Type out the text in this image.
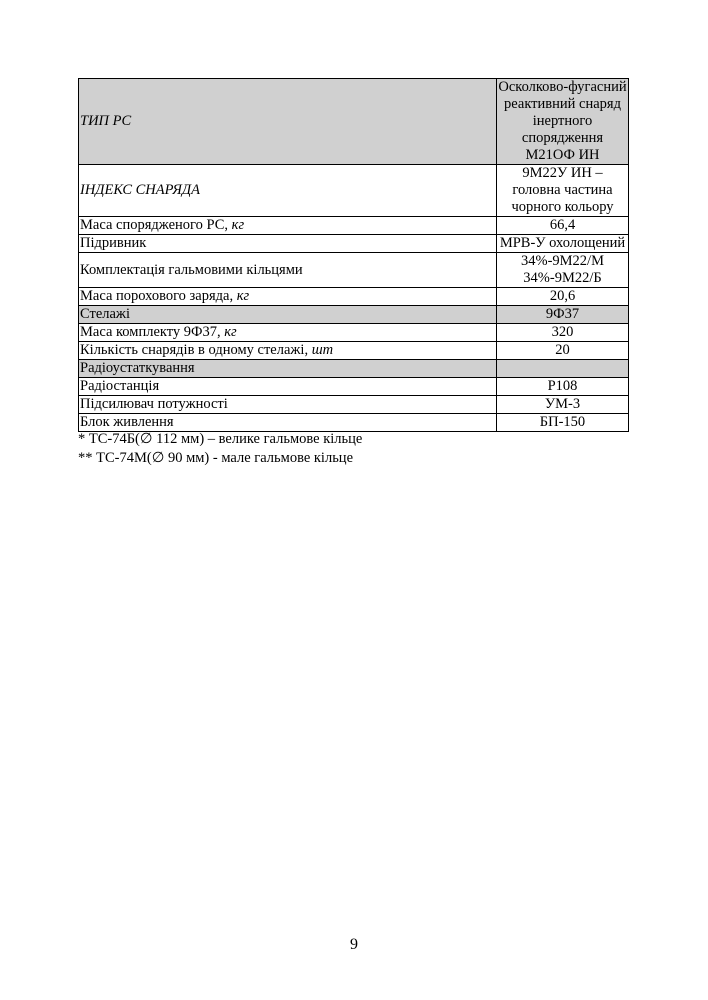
ТИП РС	Осколково-фугасний реактивний снаряд інертного спорядження М21ОФ ИН
ІНДЕКС СНАРЯДА	9М22У ИН – головна частина чорного кольору
Маса спорядженого РС, кг	66,4
Підривник	МРВ-У охолощений
Комплектація гальмовими кільцями	34%-9М22/М
34%-9М22/Б

Маса порохового заряда, кг	20,6
Стелажі	9Ф37
Маса комплекту 9Ф37, кг	320
Кількість снарядів в одному стелажі, шт	20
Радіоустаткування	
Радіостанція	Р108
Підсилювач потужності	УМ-3
Блок живлення	БП-150
* ТС-74Б(∅ 112 мм) – велике гальмове кільце
** ТС-74М(∅ 90 мм) - мале гальмове кільце
9
